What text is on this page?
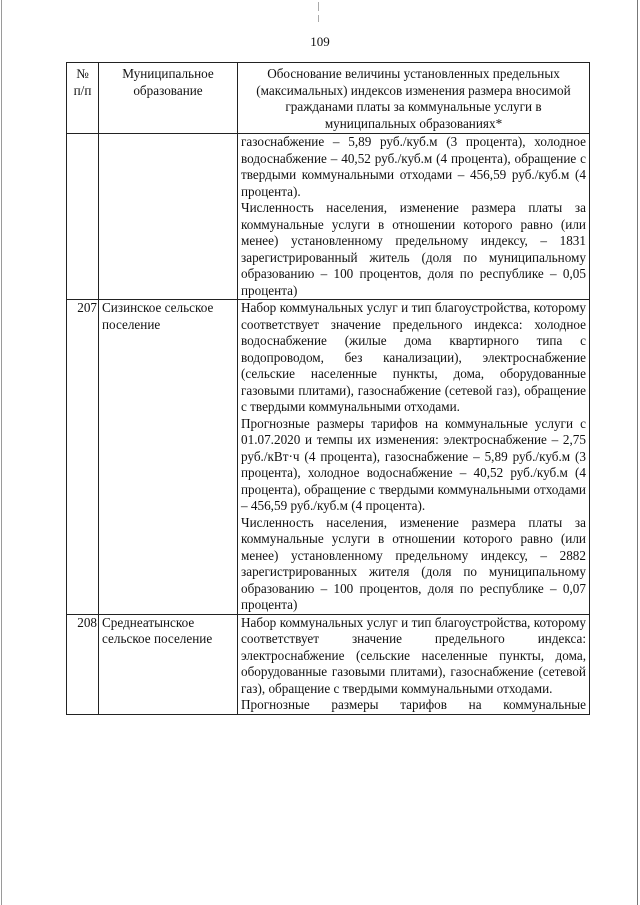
109
№ п/п	Муниципальное образование	Обоснование величины установленных предельных (максимальных) индексов изменения размера вносимой гражданами платы за коммунальные услуги в муниципальных образованиях*

		газоснабжение – 5,89 руб./куб.м (3 процента), холодное водоснабжение – 40,52 руб./куб.м (4 процента), обращение с твердыми коммунальными отходами – 456,59 руб./куб.м (4 процента).

Численность населения, изменение размера платы за коммунальные услуги в отношении которого равно (или менее) установленному предельному индексу, – 1831 зарегистрированный житель (доля по муниципальному образованию – 100 процентов, доля по республике – 0,05 процента)

207	Сизинское сельское поселение	Набор коммунальных услуг и тип благоустройства, которому соответствует значение предельного индекса: холодное водоснабжение (жилые дома квартирного типа с водопроводом, без канализации), электроснабжение (сельские населенные пункты, дома, оборудованные газовыми плитами), газоснабжение (сетевой газ), обращение с твердыми коммунальными отходами.

Прогнозные размеры тарифов на коммунальные услуги с 01.07.2020 и темпы их изменения: электроснабжение – 2,75 руб./кВт·ч (4 процента), газоснабжение – 5,89 руб./куб.м (3 процента), холодное водоснабжение – 40,52 руб./куб.м (4 процента), обращение с твердыми коммунальными отходами – 456,59 руб./куб.м (4 процента).

Численность населения, изменение размера платы за коммунальные услуги в отношении которого равно (или менее) установленному предельному индексу, – 2882 зарегистрированных жителя (доля по муниципальному образованию – 100 процентов, доля по республике – 0,07 процента)

208	Среднеатынское сельское поселение	Набор коммунальных услуг и тип благоустройства, которому соответствует значение предельного индекса: электроснабжение (сельские населенные пункты, дома, оборудованные газовыми плитами), газоснабжение (сетевой газ), обращение с твердыми коммунальными отходами.

Прогнозные размеры тарифов на коммунальные
